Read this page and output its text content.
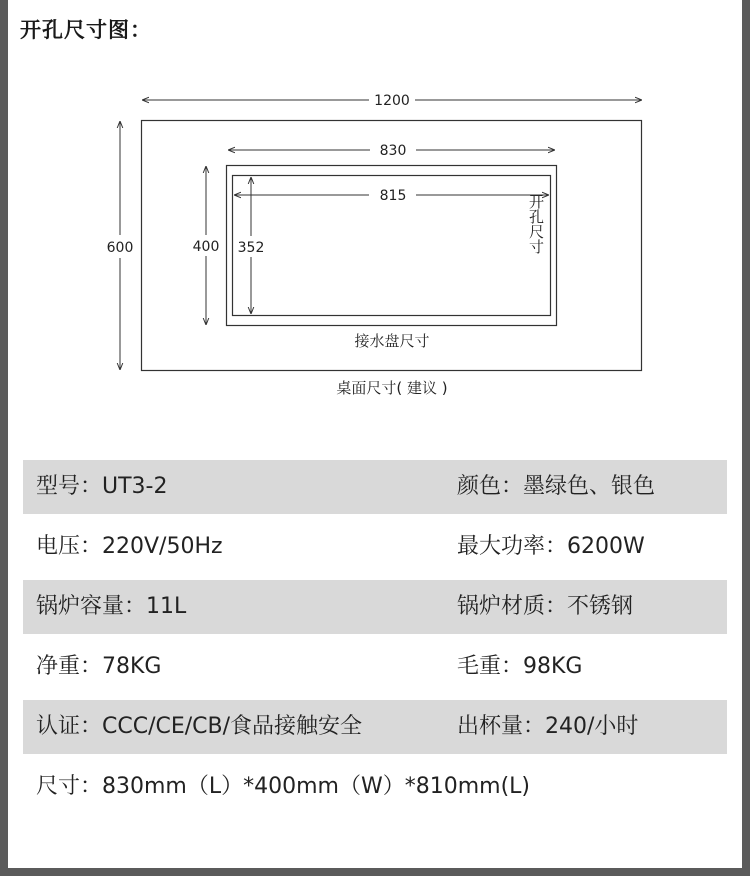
开孔尺寸图：
1200
830
815
600	400 352	开孔尺寸
接水盘尺寸
桌面尺寸( 建议 )
型号：UT3-2	颜色：墨绿色、银色
电压：220V/50Hz	最大功率：6200W
锅炉容量：11L	锅炉材质：不锈钢
净重：78KG	毛重：98KG
认证：CCC/CE/CB/食品接触安全	出杯量：240/小时
尺寸：830mm（L）*400mm（W）*810mm(L)
